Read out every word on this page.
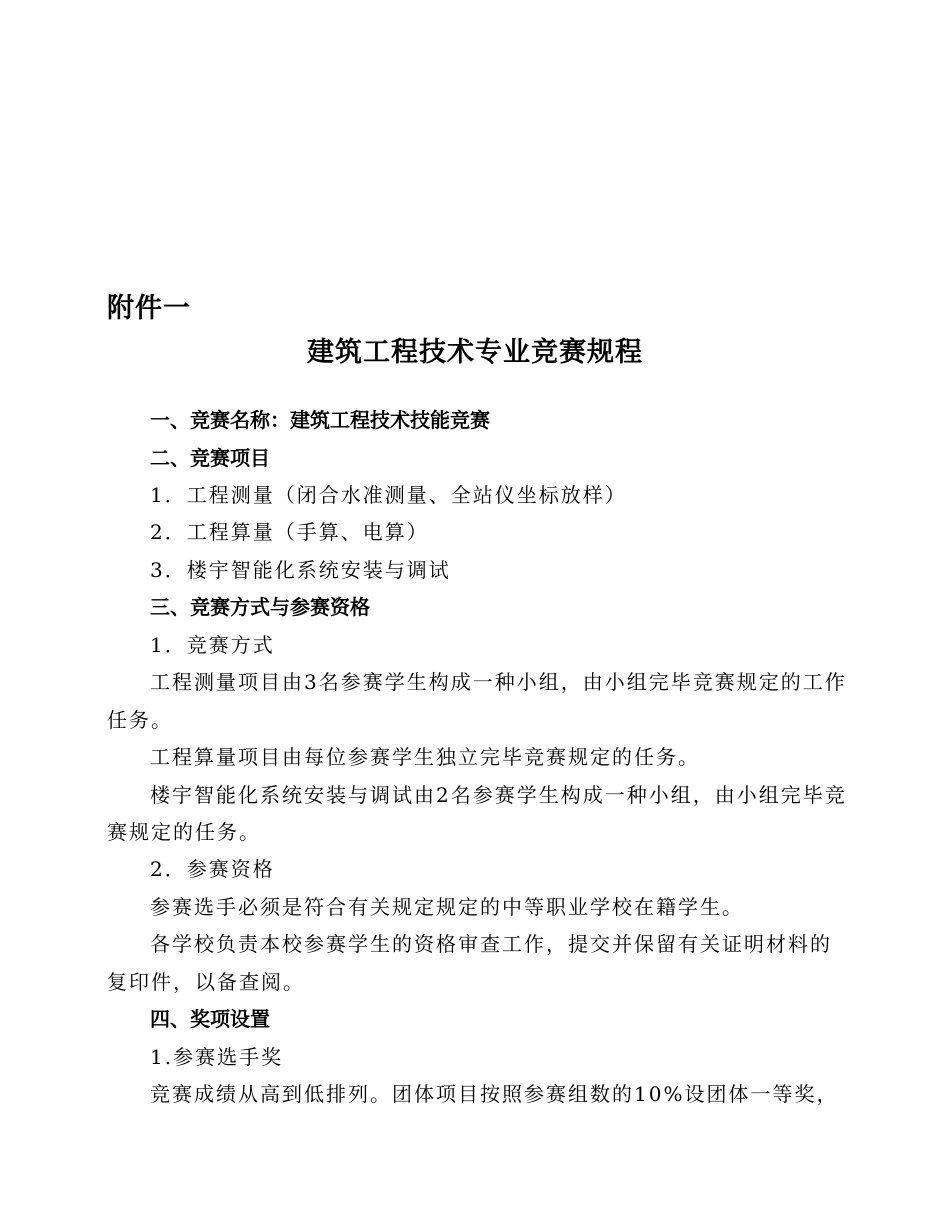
附件一
建筑工程技术专业竞赛规程
一、竞赛名称：建筑工程技术技能竞赛
二、竞赛项目
1．工程测量（闭合水准测量、全站仪坐标放样）
2．工程算量（手算、电算）
3．楼宇智能化系统安装与调试
三、竞赛方式与参赛资格
1．竞赛方式
工程测量项目由3名参赛学生构成一种小组，由小组完毕竞赛规定的工作
任务。
工程算量项目由每位参赛学生独立完毕竞赛规定的任务。
楼宇智能化系统安装与调试由2名参赛学生构成一种小组，由小组完毕竞
赛规定的任务。
2．参赛资格
参赛选手必须是符合有关规定规定的中等职业学校在籍学生。
各学校负责本校参赛学生的资格审查工作，提交并保留有关证明材料的
复印件，以备查阅。
四、奖项设置
1.参赛选手奖
竞赛成绩从高到低排列。团体项目按照参赛组数的10%设团体一等奖，
